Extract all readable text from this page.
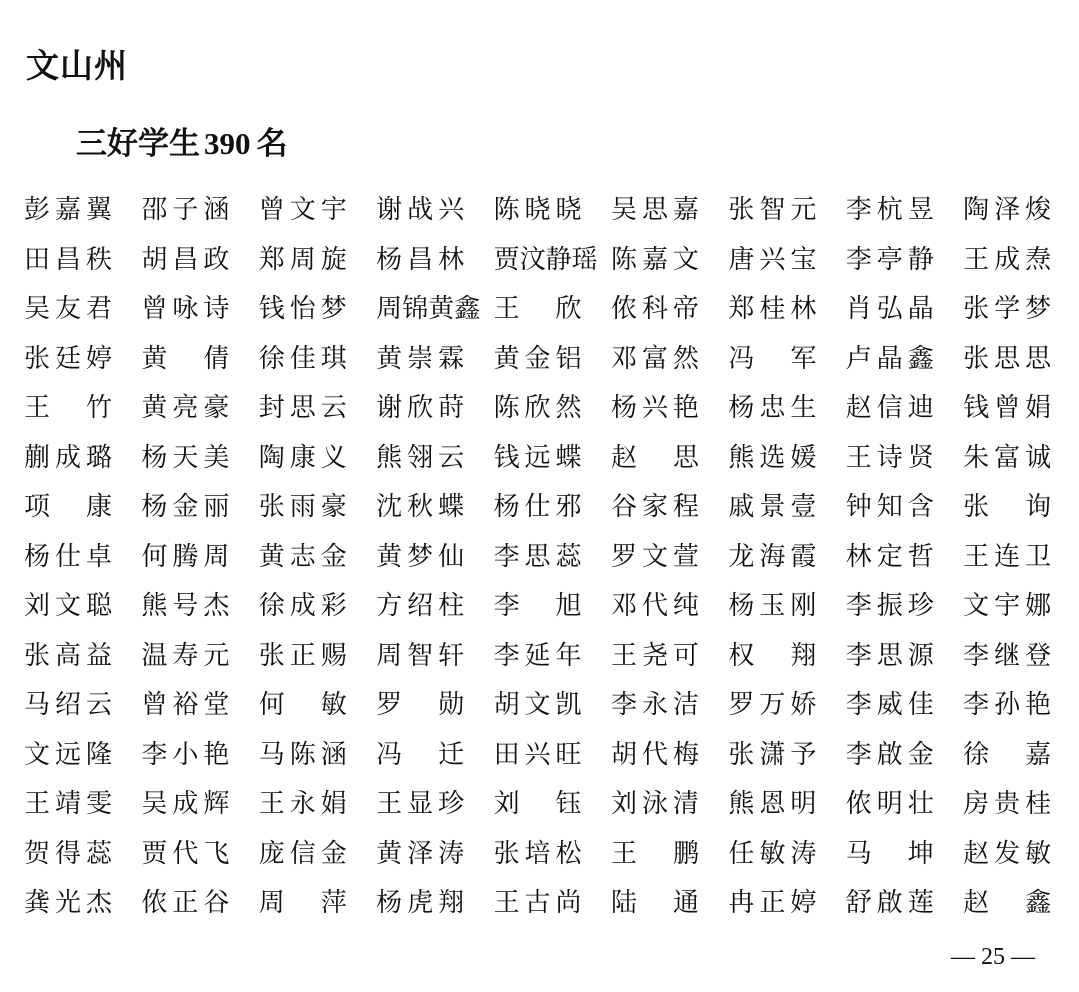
文山州
三好学生 390 名
彭 嘉 翼 邵 子 涵 曾 文 宇 谢 战 兴 陈 晓 晓 吴 思 嘉 张 智 元 李 杭 昱 陶 泽 焌
田 昌 秩 胡 昌 政 郑 周 旋 杨 昌 林 贾 汶 静 瑶 陈 嘉 文 唐 兴 宝 李 亭 静 王 成 焘
吴 友 君 曾 咏 诗 钱 怡 梦 周 锦 黄 鑫 王 欣 侬 科 帝 郑 桂 林 肖 弘 晶 张 学 梦
张 廷 婷 黄 倩 徐 佳 琪 黄 崇 霖 黄 金 铝 邓 富 然 冯 军 卢 晶 鑫 张 思 思
王 竹 黄 亮 豪 封 思 云 谢 欣 莳 陈 欣 然 杨 兴 艳 杨 忠 生 赵 信 迪 钱 曾 娟
蒯 成 璐 杨 天 美 陶 康 义 熊 翎 云 钱 远 蝶 赵 思 熊 选 媛 王 诗 贤 朱 富 诚
项 康 杨 金 丽 张 雨 豪 沈 秋 蝶 杨 仕 邪 谷 家 程 戚 景 壹 钟 知 含 张 询
杨 仕 卓 何 腾 周 黄 志 金 黄 梦 仙 李 思 蕊 罗 文 萱 龙 海 霞 林 定 哲 王 连 卫
刘 文 聪 熊 号 杰 徐 成 彩 方 绍 柱 李 旭 邓 代 纯 杨 玉 刚 李 振 珍 文 宇 娜
张 高 益 温 寿 元 张 正 赐 周 智 轩 李 延 年 王 尧 可 权 翔 李 思 源 李 继 登
马 绍 云 曾 裕 堂 何 敏 罗 勋 胡 文 凯 李 永 洁 罗 万 娇 李 威 佳 李 孙 艳
文 远 隆 李 小 艳 马 陈 涵 冯 迁 田 兴 旺 胡 代 梅 张 潇 予 李 啟 金 徐 嘉
王 靖 雯 吴 成 辉 王 永 娟 王 显 珍 刘 钰 刘 泳 清 熊 恩 明 侬 明 壮 房 贵 桂
贺 得 蕊 贾 代 飞 庞 信 金 黄 泽 涛 张 培 松 王 鹏 任 敏 涛 马 坤 赵 发 敏
龚 光 杰 侬 正 谷 周 萍 杨 虎 翔 王 古 尚 陆 通 冉 正 婷 舒 啟 莲 赵 鑫
— 25 —
